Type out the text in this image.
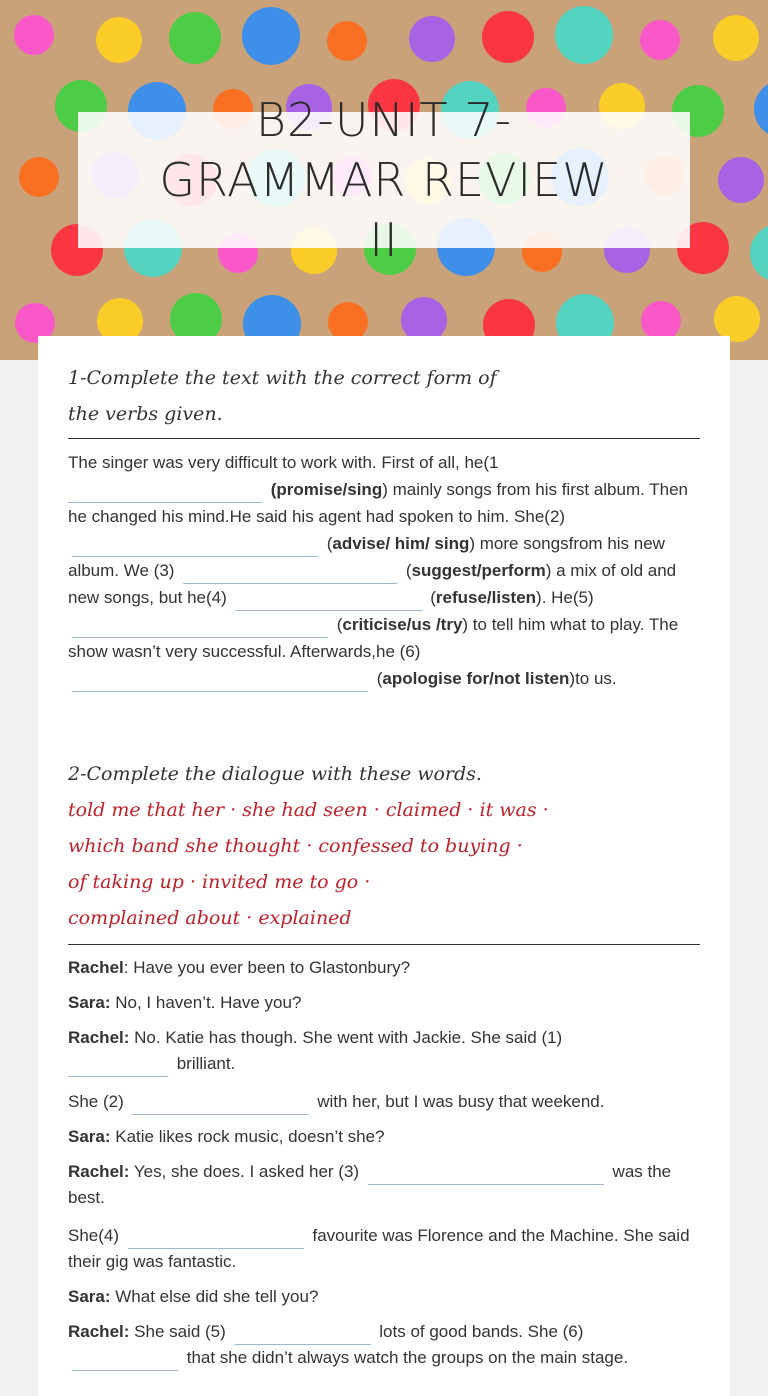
B2-UNIT 7-GRAMMAR REVIEW II
1-Complete the text with the correct form of the verbs given.
The singer was very difficult to work with. First of all, he(1
(promise/sing) mainly songs from his first album. Then he changed his mind.He said his agent had spoken to him. She(2)
(advise/ him/ sing) more songsfrom his new album. We (3)	(suggest/perform) a mix of old and new songs, but he(4)	(refuse/listen). He(5)
(criticise/us /try) to tell him what to play. The show wasn’t very successful. Afterwards,he (6)
(apologise for/not listen)to us.
2-Complete the dialogue with these words.
told me that her · she had seen · claimed · it was ·
which band she thought · confessed to buying ·
of taking up · invited me to go ·
complained about · explained

Rachel: Have you ever been to Glastonbury?

Sara: No, I haven’t. Have you?

Rachel: No. Katie has though. She went with Jackie. She said (1)
brilliant.

She (2)	with her, but I was busy that weekend.

Sara: Katie likes rock music, doesn’t she?

Rachel: Yes, she does. I asked her (3)	was the best.

She(4)	favourite was Florence and the Machine. She said their gig was fantastic.

Sara: What else did she tell you?

Rachel: She said (5)	lots of good bands. She (6)
that she didn’t always watch the groups on the main stage.
